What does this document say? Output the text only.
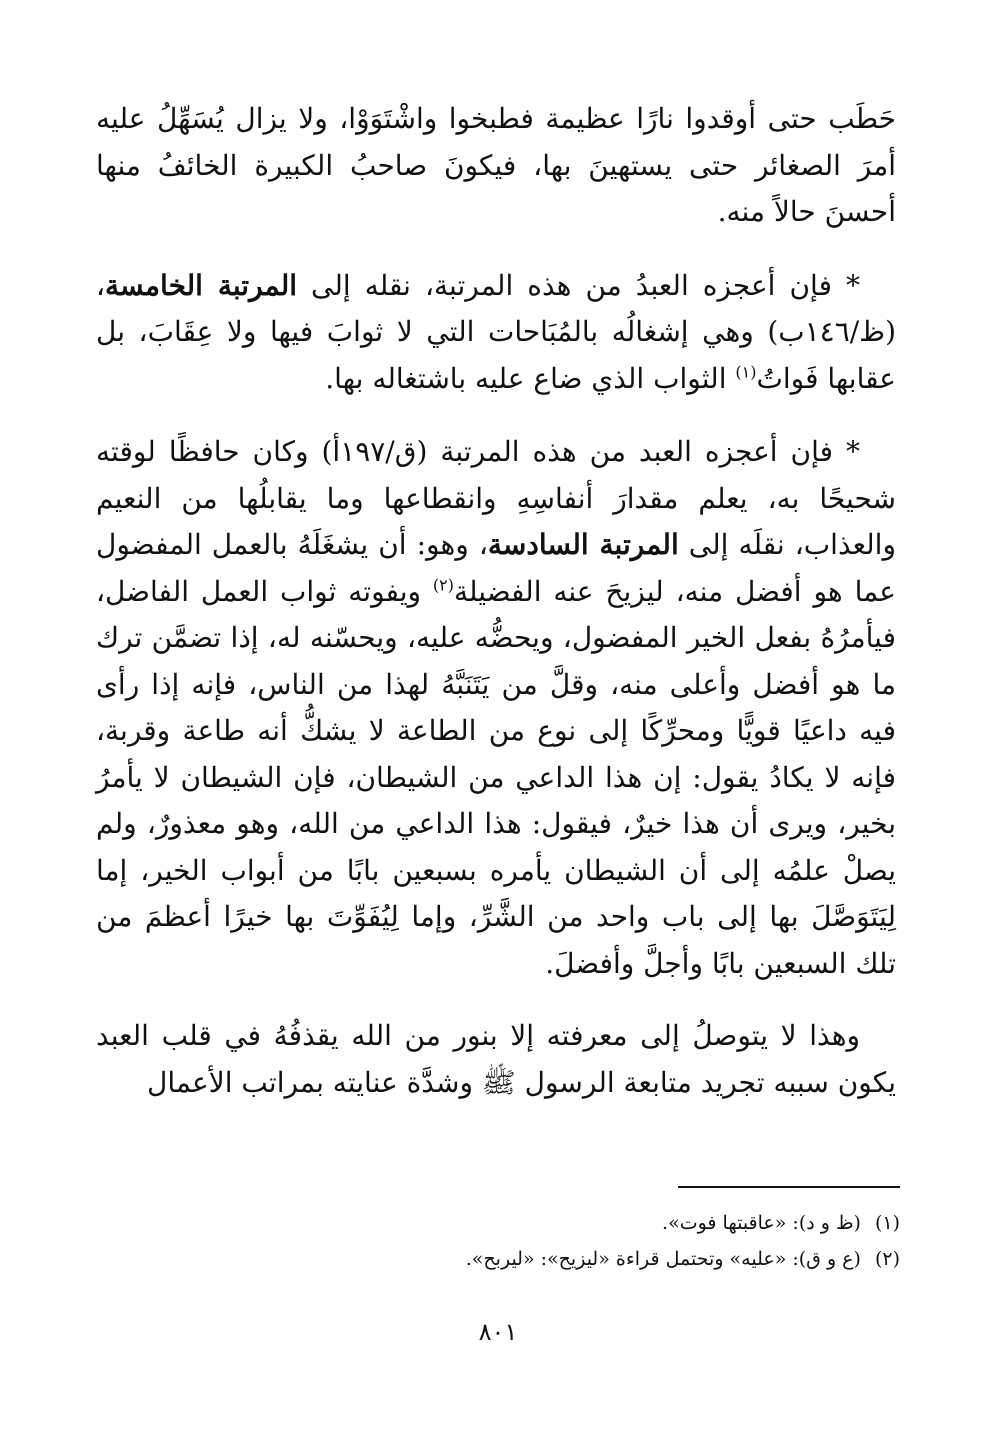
حَطَب حتى أوقدوا نارًا عظيمة فطبخوا واشْتَوَوْا، ولا يزال يُسَهِّلُ عليه أمرَ الصغائر حتى يستهينَ بها، فيكونَ صاحبُ الكبيرة الخائفُ منها أحسنَ حالاً منه.

* فإن أعجزه العبدُ من هذه المرتبة، نقله إلى المرتبة الخامسة، (ظ/١٤٦ب) وهي إشغالُه بالمُبَاحات التي لا ثوابَ فيها ولا عِقَابَ، بل عقابها فَواتُ$^{(١)}$ الثواب الذي ضاع عليه باشتغاله بها.

* فإن أعجزه العبد من هذه المرتبة (ق/١٩٧أ) وكان حافظًا لوقته شحيحًا به، يعلم مقدارَ أنفاسِهِ وانقطاعها وما يقابلُها من النعيم والعذاب، نقلَه إلى المرتبة السادسة، وهو: أن يشغَلَهُ بالعمل المفضول عما هو أفضل منه، ليزيحَ عنه الفضيلة$^{(٢)}$ ويفوته ثواب العمل الفاضل، فيأمرُهُ بفعل الخير المفضول، ويحضُّه عليه، ويحسّنه له، إذا تضمَّن ترك ما هو أفضل وأعلى منه، وقلَّ من يَتَنَبَّهُ لهذا من الناس، فإنه إذا رأى فيه داعيًا قويًّا ومحرِّكًا إلى نوع من الطاعة لا يشكُّ أنه طاعة وقربة، فإنه لا يكادُ يقول: إن هذا الداعي من الشيطان، فإن الشيطان لا يأمرُ بخير، ويرى أن هذا خيرٌ، فيقول: هذا الداعي من الله، وهو معذورٌ، ولم يصلْ علمُه إلى أن الشيطان يأمره بسبعين بابًا من أبواب الخير، إما لِيَتَوَصَّلَ بها إلى باب واحد من الشَّرِّ، وإما لِيُفَوِّتَ بها خيرًا أعظمَ من تلك السبعين بابًا وأجلَّ وأفضلَ.

وهذا لا يتوصلُ إلى معرفته إلا بنور من الله يقذفُهُ في قلب العبد يكون سببه تجريد متابعة الرسول ﷺ وشدَّة عنايته بمراتب الأعمال

(١)(ظ و د): «عاقبتها فوت».

(٢)(ع و ق): «عليه» وتحتمل قراءة «ليزيح»: «ليربح».

٨٠١
